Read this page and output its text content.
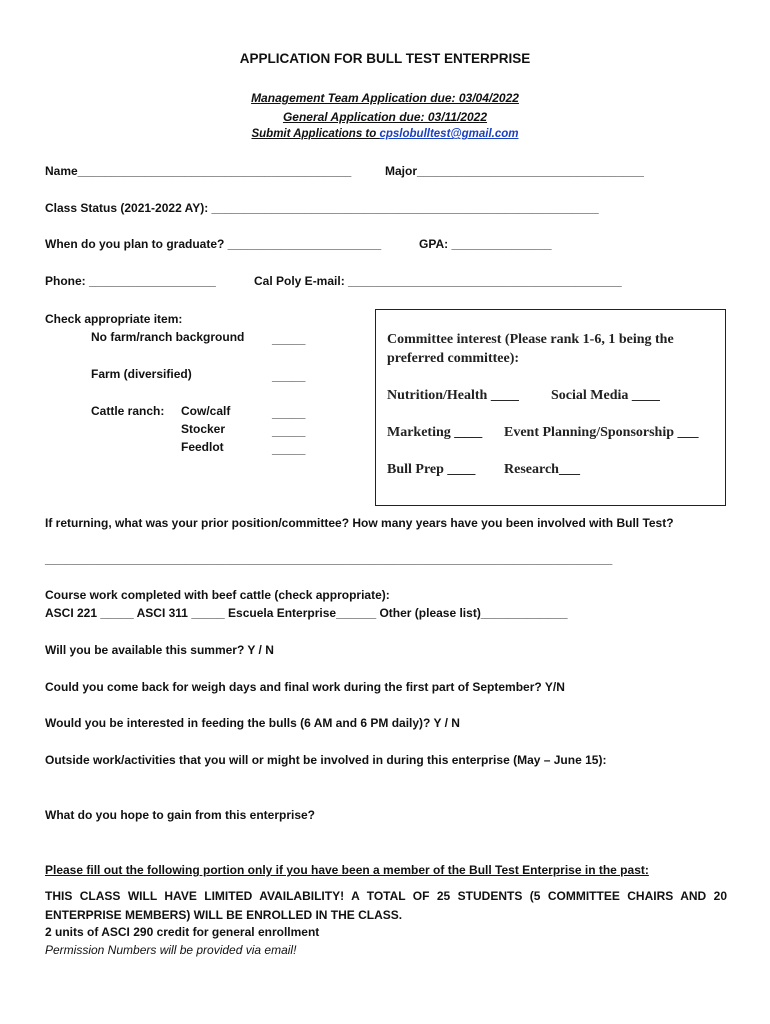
APPLICATION FOR BULL TEST ENTERPRISE
Management Team Application due: 03/04/2022
General Application due: 03/11/2022
Submit Applications to cpslobulltest@gmail.com
Name_________________________________________	Major__________________________________
Class Status (2021-2022 AY): __________________________________________________________
When do you plan to graduate? _______________________	GPA: _______________
Phone: ___________________	Cal Poly E-mail: _________________________________________
Check appropriate item:
No farm/ranch background _____
Farm (diversified)	_____
Cattle ranch: Cow/calf	_____
Stocker	_____
Feedlot	_____
Committee interest (Please rank 1-6, 1 being the
preferred committee):
Nutrition/Health ____ Social Media ____
Marketing ____ Event Planning/Sponsorship ___
Bull Prep ____ Research___
If returning, what was your prior position/committee? How many years have you been involved with Bull Test?
_____________________________________________________________________________________
Course work completed with beef cattle (check appropriate):
ASCI 221 _____ ASCI 311 _____ Escuela Enterprise______ Other (please list)_____________
Will you be available this summer? Y / N
Could you come back for weigh days and final work during the first part of September? Y/N
Would you be interested in feeding the bulls (6 AM and 6 PM daily)? Y / N
Outside work/activities that you will or might be involved in during this enterprise (May – June 15):
What do you hope to gain from this enterprise?
Please fill out the following portion only if you have been a member of the Bull Test Enterprise in the past:
THIS CLASS WILL HAVE LIMITED AVAILABILITY! A TOTAL OF 25 STUDENTS (5 COMMITTEE CHAIRS AND 20 ENTERPRISE MEMBERS) WILL BE ENROLLED IN THE CLASS.
2 units of ASCI 290 credit for general enrollment
Permission Numbers will be provided via email!
